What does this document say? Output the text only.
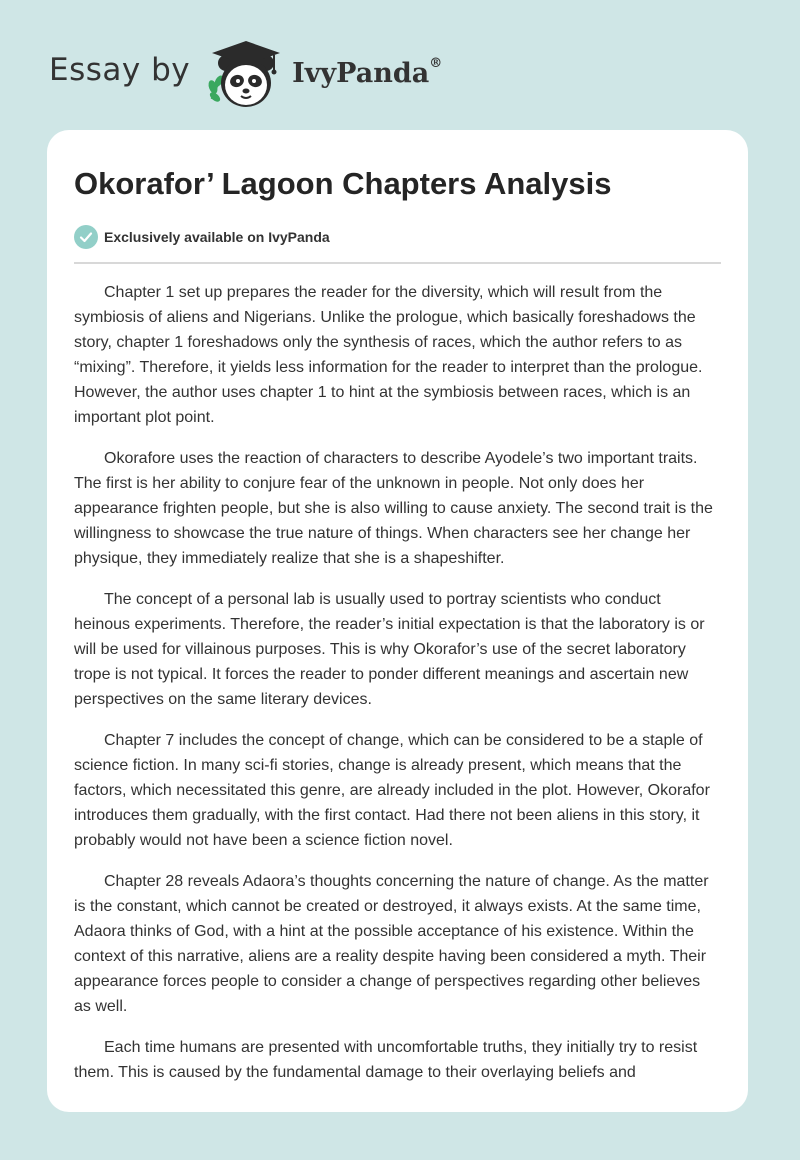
Essay by	IvyPanda®
Okorafor’ Lagoon Chapters Analysis
Exclusively available on IvyPanda

Chapter 1 set up prepares the reader for the diversity, which will result from the symbiosis of aliens and Nigerians. Unlike the prologue, which basically foreshadows the story, chapter 1 foreshadows only the synthesis of races, which the author refers to as “mixing”. Therefore, it yields less information for the reader to interpret than the prologue. However, the author uses chapter 1 to hint at the symbiosis between races, which is an important plot point.

Okorafore uses the reaction of characters to describe Ayodele’s two important traits. The first is her ability to conjure fear of the unknown in people. Not only does her appearance frighten people, but she is also willing to cause anxiety. The second trait is the willingness to showcase the true nature of things. When characters see her change her physique, they immediately realize that she is a shapeshifter.

The concept of a personal lab is usually used to portray scientists who conduct heinous experiments. Therefore, the reader’s initial expectation is that the laboratory is or will be used for villainous purposes. This is why Okorafor’s use of the secret laboratory trope is not typical. It forces the reader to ponder different meanings and ascertain new perspectives on the same literary devices.

Chapter 7 includes the concept of change, which can be considered to be a staple of science fiction. In many sci-fi stories, change is already present, which means that the factors, which necessitated this genre, are already included in the plot. However, Okorafor introduces them gradually, with the first contact. Had there not been aliens in this story, it probably would not have been a science fiction novel.

Chapter 28 reveals Adaora’s thoughts concerning the nature of change. As the matter is the constant, which cannot be created or destroyed, it always exists. At the same time, Adaora thinks of God, with a hint at the possible acceptance of his existence. Within the context of this narrative, aliens are a reality despite having been considered a myth. Their appearance forces people to consider a change of perspectives regarding other believes as well.

Each time humans are presented with uncomfortable truths, they initially try to resist them. This is caused by the fundamental damage to their overlaying beliefs and
